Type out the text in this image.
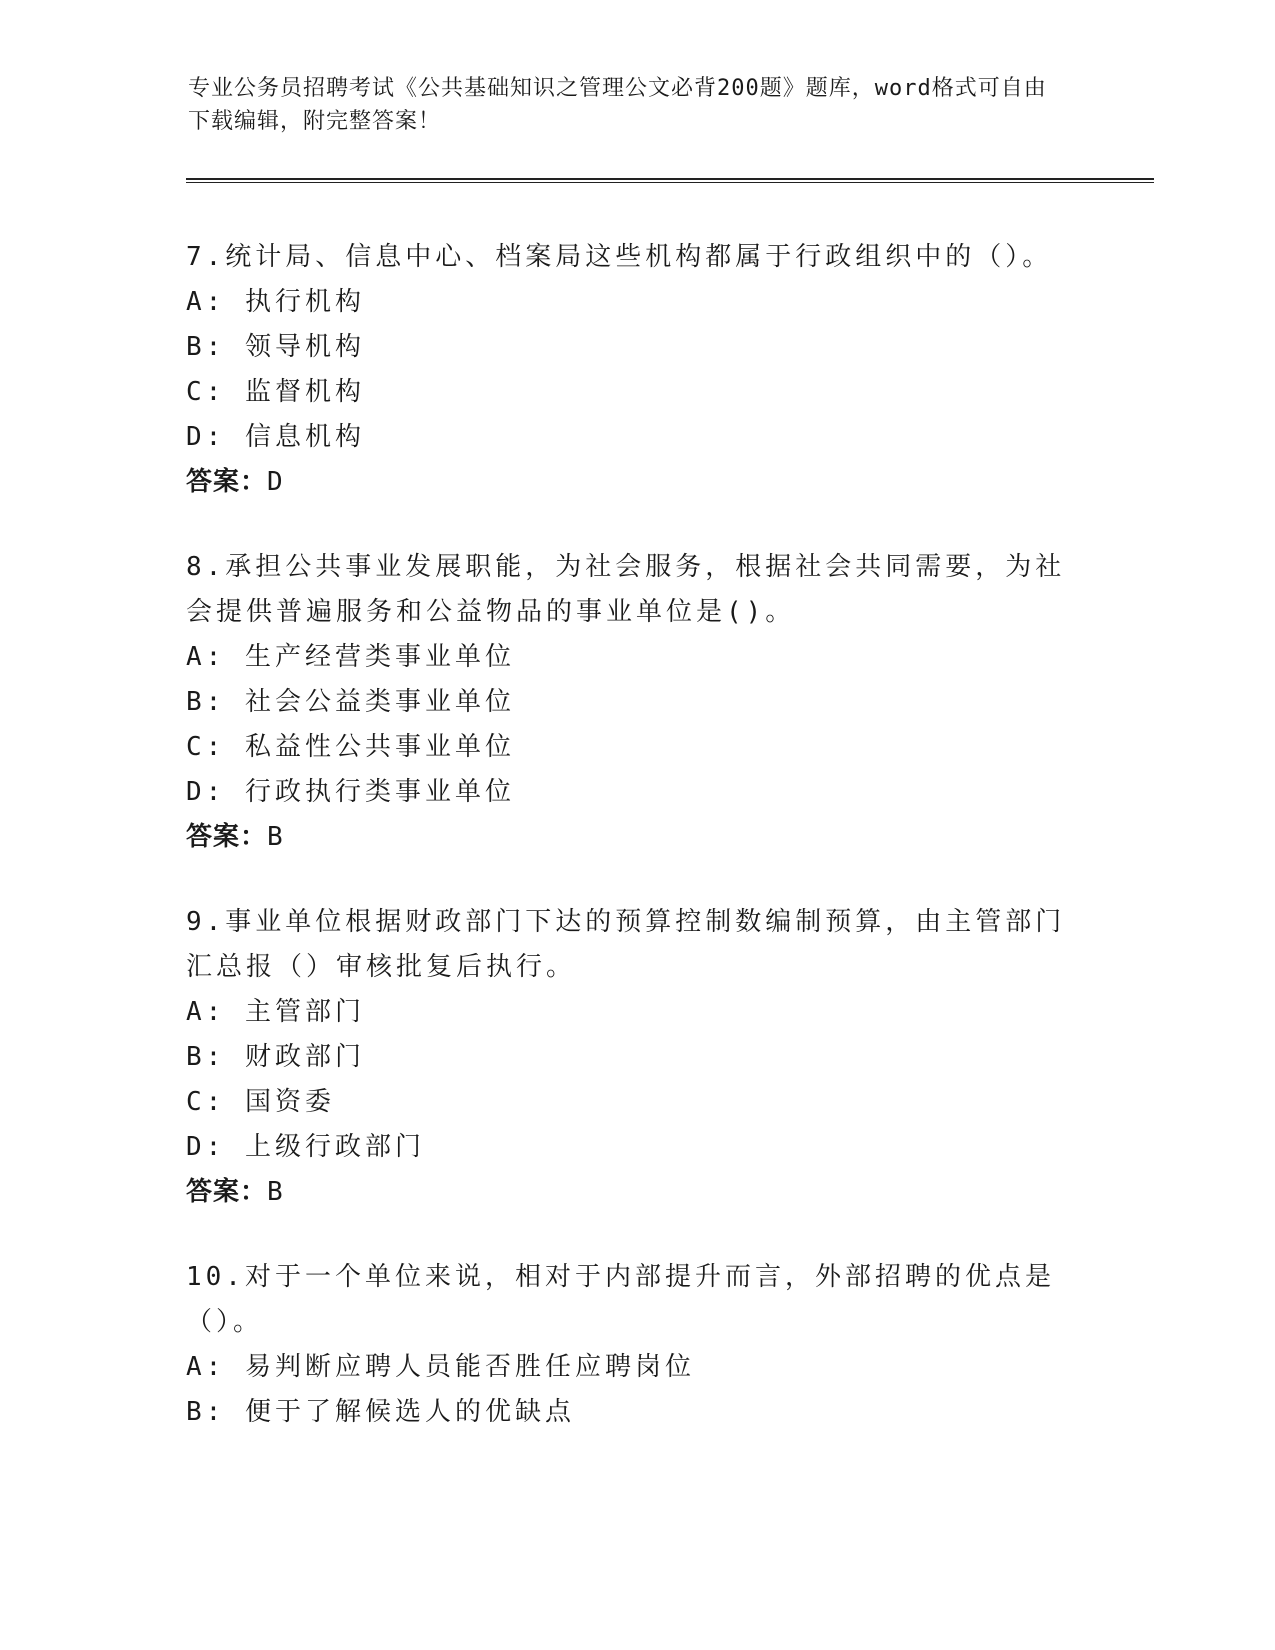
专业公务员招聘考试《公共基础知识之管理公文必背200题》题库，word格式可自由下载编辑，附完整答案！
7.统计局、信息中心、档案局这些机构都属于行政组织中的（）。
A: 执行机构
B: 领导机构
C: 监督机构
D: 信息机构
答案：D
8.承担公共事业发展职能，为社会服务，根据社会共同需要，为社会提供普遍服务和公益物品的事业单位是()。
A: 生产经营类事业单位
B: 社会公益类事业单位
C: 私益性公共事业单位
D: 行政执行类事业单位
答案：B
9.事业单位根据财政部门下达的预算控制数编制预算，由主管部门汇总报（）审核批复后执行。
A: 主管部门
B: 财政部门
C: 国资委
D: 上级行政部门
答案：B
10.对于一个单位来说，相对于内部提升而言，外部招聘的优点是（）。
A: 易判断应聘人员能否胜任应聘岗位
B: 便于了解候选人的优缺点
